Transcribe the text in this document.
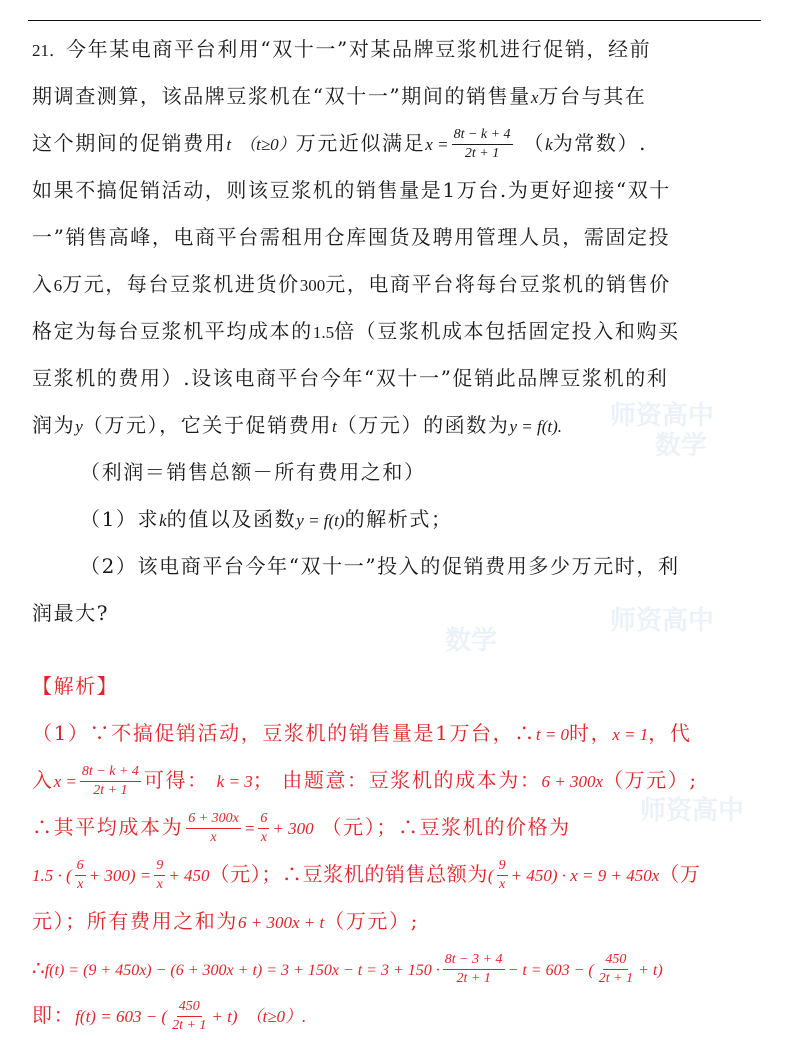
师资高中
数学
师资高中
数学
师资高中
21．今年某电商平台利用“双十一”对某品牌豆浆机进行促销，经前
期调查测算，该品牌豆浆机在“双十一”期间的销售量x万台与其在
这个期间的促销费用t （t≥0）万元近似满足$x = \frac{8t - k + 4}{2t + 1} (k$为常数）.
如果不搞促销活动，则该豆浆机的销售量是1万台.为更好迎接“双十
一”销售高峰，电商平台需租用仓库囤货及聘用管理人员，需固定投
入6万元，每台豆浆机进货价300元，电商平台将每台豆浆机的销售价
格定为每台豆浆机平均成本的1.5倍（豆浆机成本包括固定投入和购买
豆浆机的费用）.设该电商平台今年“双十一”促销此品牌豆浆机的利
润为y（万元），它关于促销费用t（万元）的函数为y = f(t).
（利润＝销售总额－所有费用之和）
（1）求k的值以及函数y = f(t)的解析式；
（2）该电商平台今年“双十一”投入的促销费用多少万元时，利
润最大?
【解析】
（1）∵不搞促销活动，豆浆机的销售量是1万台，∴t = 0时，x = 1，代
入$x = \frac{8t - k + 4}{2t + 1}$ 可得： k = 3； 由题意：豆浆机的成本为：6 + 300x（万元）;
∴其平均成本为 $\frac{6 + 300x}{x} = \frac{6}{x} + 300$ （元）；∴豆浆机的价格为
1.5 · ( $\frac{6}{x} + 300) = \frac{9}{x} + 450$（元）；∴豆浆机的销售总额为( $\frac{9}{x} + 450) \cdot x = 9 + 450x$（万
元）；所有费用之和为6 + 300x + t（万元）;
∴f(t) = $(9 + 450x) - (6 + 300x + t) = 3 + 150x - t = 3 + 150 \cdot \frac{8t - 3 + 4}{2t + 1} - t = 603$ − ( $\frac{450}{2t + 1} + t$)
即：f(t) = 603 − ( $\frac{450}{2t + 1} + t$) （t≥0）.
